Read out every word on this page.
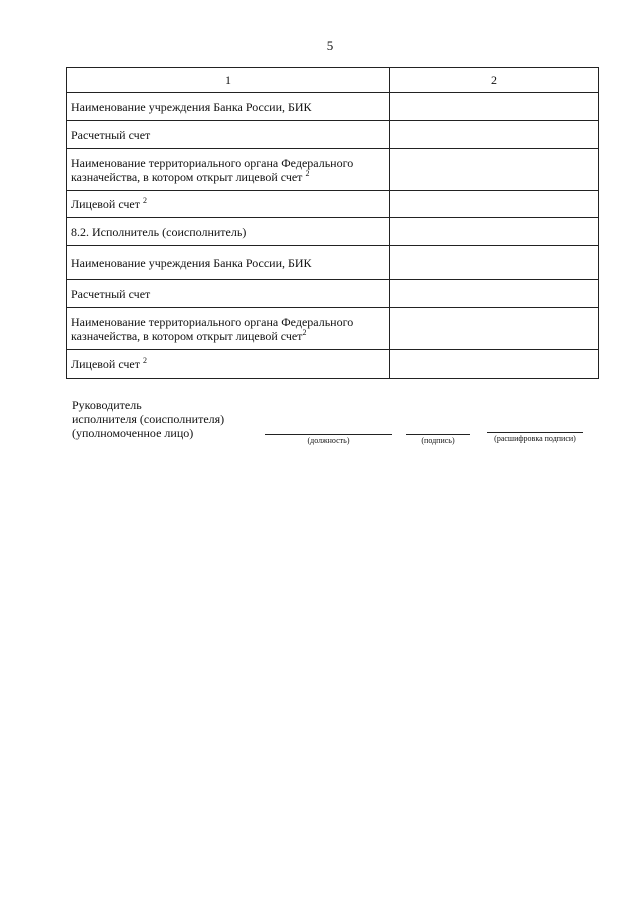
5
1	2
Наименование учреждения Банка России, БИК	
Расчетный счет	
Наименование территориального органа Федерального казначейства, в котором открыт лицевой счет $^2$	
Лицевой счет $^2$	
8.2. Исполнитель (соисполнитель)	
Наименование учреждения Банка России, БИК	
Расчетный счет	
Наименование территориального органа Федерального казначейства, в котором открыт лицевой счет$^2$	
Лицевой счет $^2$	
Руководитель
исполнителя (соисполнителя)
(уполномоченное лицо)
(должность)	(подпись)	(расшифровка подписи)
